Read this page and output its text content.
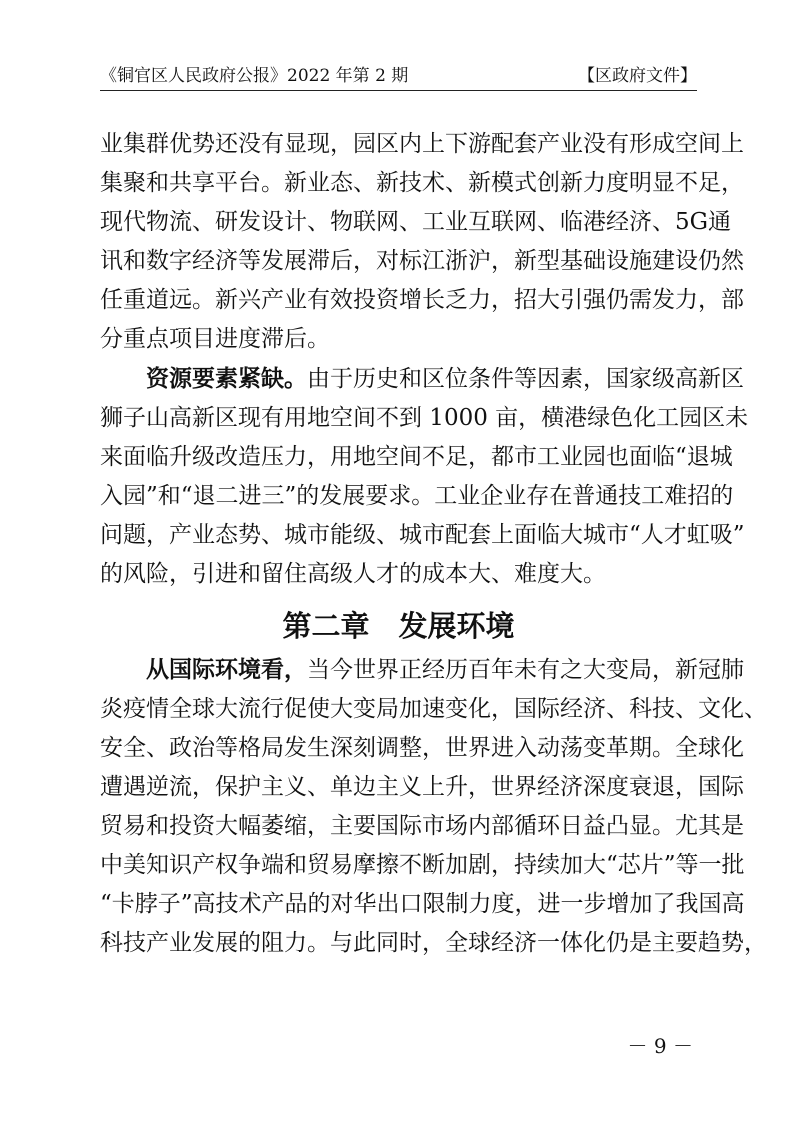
《铜官区人民政府公报》2022 年第 2 期	【区政府文件】
业集群优势还没有显现，园区内上下游配套产业没有形成空间上
集聚和共享平台。新业态、新技术、新模式创新力度明显不足，
现代物流、研发设计、物联网、工业互联网、临港经济、5G通
讯和数字经济等发展滞后，对标江浙沪，新型基础设施建设仍然
任重道远。新兴产业有效投资增长乏力，招大引强仍需发力，部
分重点项目进度滞后。
资源要素紧缺。由于历史和区位条件等因素，国家级高新区
狮子山高新区现有用地空间不到 1000 亩，横港绿色化工园区未
来面临升级改造压力，用地空间不足，都市工业园也面临“退城
入园”和“退二进三”的发展要求。工业企业存在普通技工难招的
问题，产业态势、城市能级、城市配套上面临大城市“人才虹吸”
的风险，引进和留住高级人才的成本大、难度大。
第二章　发展环境
从国际环境看，当今世界正经历百年未有之大变局，新冠肺
炎疫情全球大流行促使大变局加速变化，国际经济、科技、文化、
安全、政治等格局发生深刻调整，世界进入动荡变革期。全球化
遭遇逆流，保护主义、单边主义上升，世界经济深度衰退，国际
贸易和投资大幅萎缩，主要国际市场内部循环日益凸显。尤其是
中美知识产权争端和贸易摩擦不断加剧，持续加大“芯片”等一批
“卡脖子”高技术产品的对华出口限制力度，进一步增加了我国高
科技产业发展的阻力。与此同时，全球经济一体化仍是主要趋势，
－ 9 －
